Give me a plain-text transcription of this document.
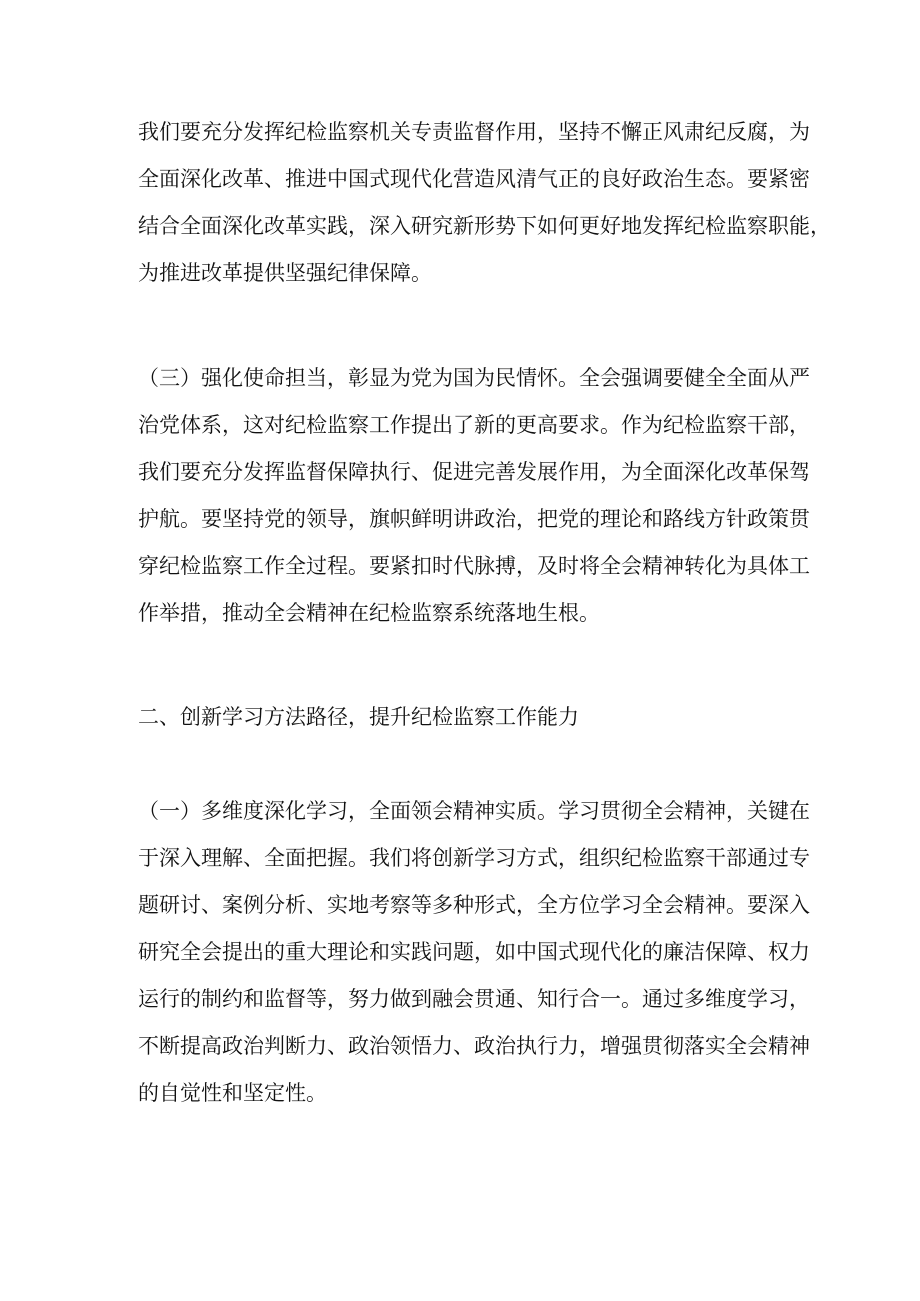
我们要充分发挥纪检监察机关专责监督作用，坚持不懈正风肃纪反腐，为
全面深化改革、推进中国式现代化营造风清气正的良好政治生态。要紧密
结合全面深化改革实践，深入研究新形势下如何更好地发挥纪检监察职能，
为推进改革提供坚强纪律保障。
（三）强化使命担当，彰显为党为国为民情怀。全会强调要健全全面从严
治党体系，这对纪检监察工作提出了新的更高要求。作为纪检监察干部，
我们要充分发挥监督保障执行、促进完善发展作用，为全面深化改革保驾
护航。要坚持党的领导，旗帜鲜明讲政治，把党的理论和路线方针政策贯
穿纪检监察工作全过程。要紧扣时代脉搏，及时将全会精神转化为具体工
作举措，推动全会精神在纪检监察系统落地生根。
二、创新学习方法路径，提升纪检监察工作能力
（一）多维度深化学习，全面领会精神实质。学习贯彻全会精神，关键在
于深入理解、全面把握。我们将创新学习方式，组织纪检监察干部通过专
题研讨、案例分析、实地考察等多种形式，全方位学习全会精神。要深入
研究全会提出的重大理论和实践问题，如中国式现代化的廉洁保障、权力
运行的制约和监督等，努力做到融会贯通、知行合一。通过多维度学习，
不断提高政治判断力、政治领悟力、政治执行力，增强贯彻落实全会精神
的自觉性和坚定性。
